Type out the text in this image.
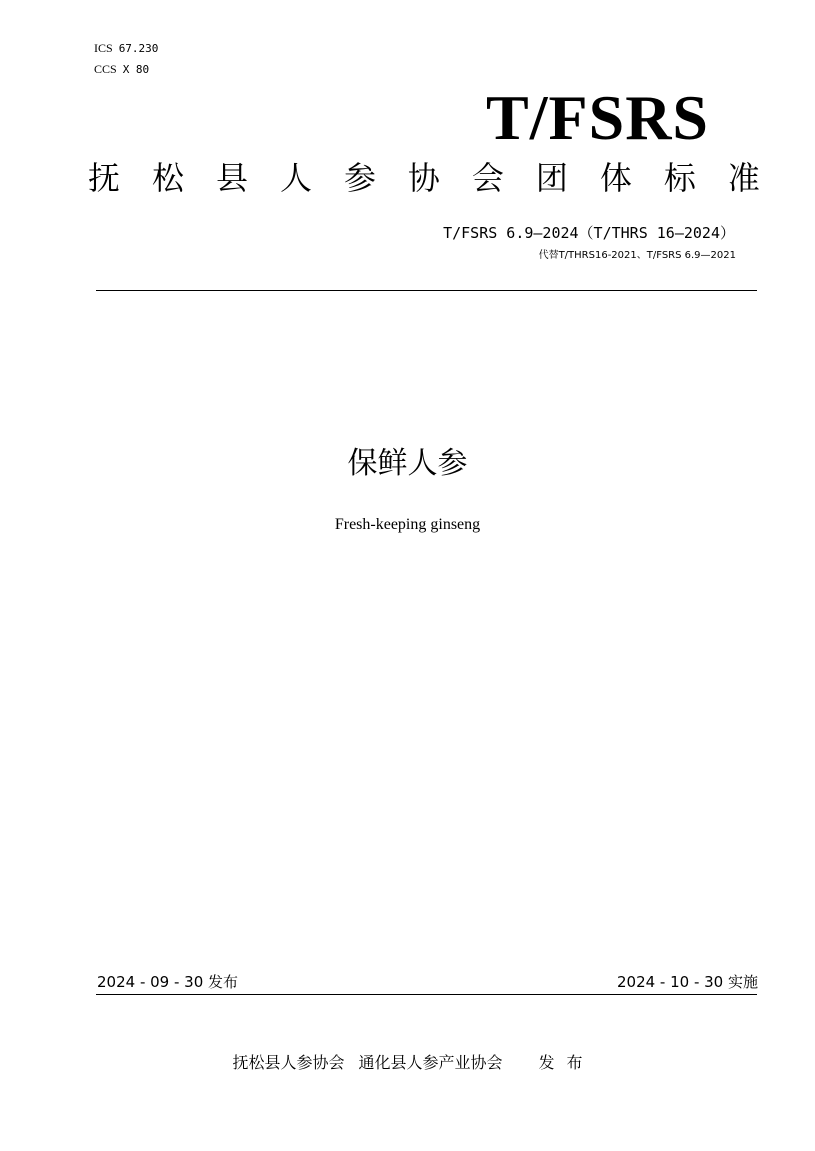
ICS 67.230
CCS X 80
T/FSRS
抚 松 县 人 参 协 会 团 体 标 准
T/FSRS 6.9—2024（T/THRS 16—2024）
代替T/THRS16-2021、T/FSRS 6.9—2021
保鲜人参
Fresh-keeping ginseng
2024 - 09 - 30 发布	2024 - 10 - 30 实施
抚松县人参协会 通化县人参产业协会 发 布
